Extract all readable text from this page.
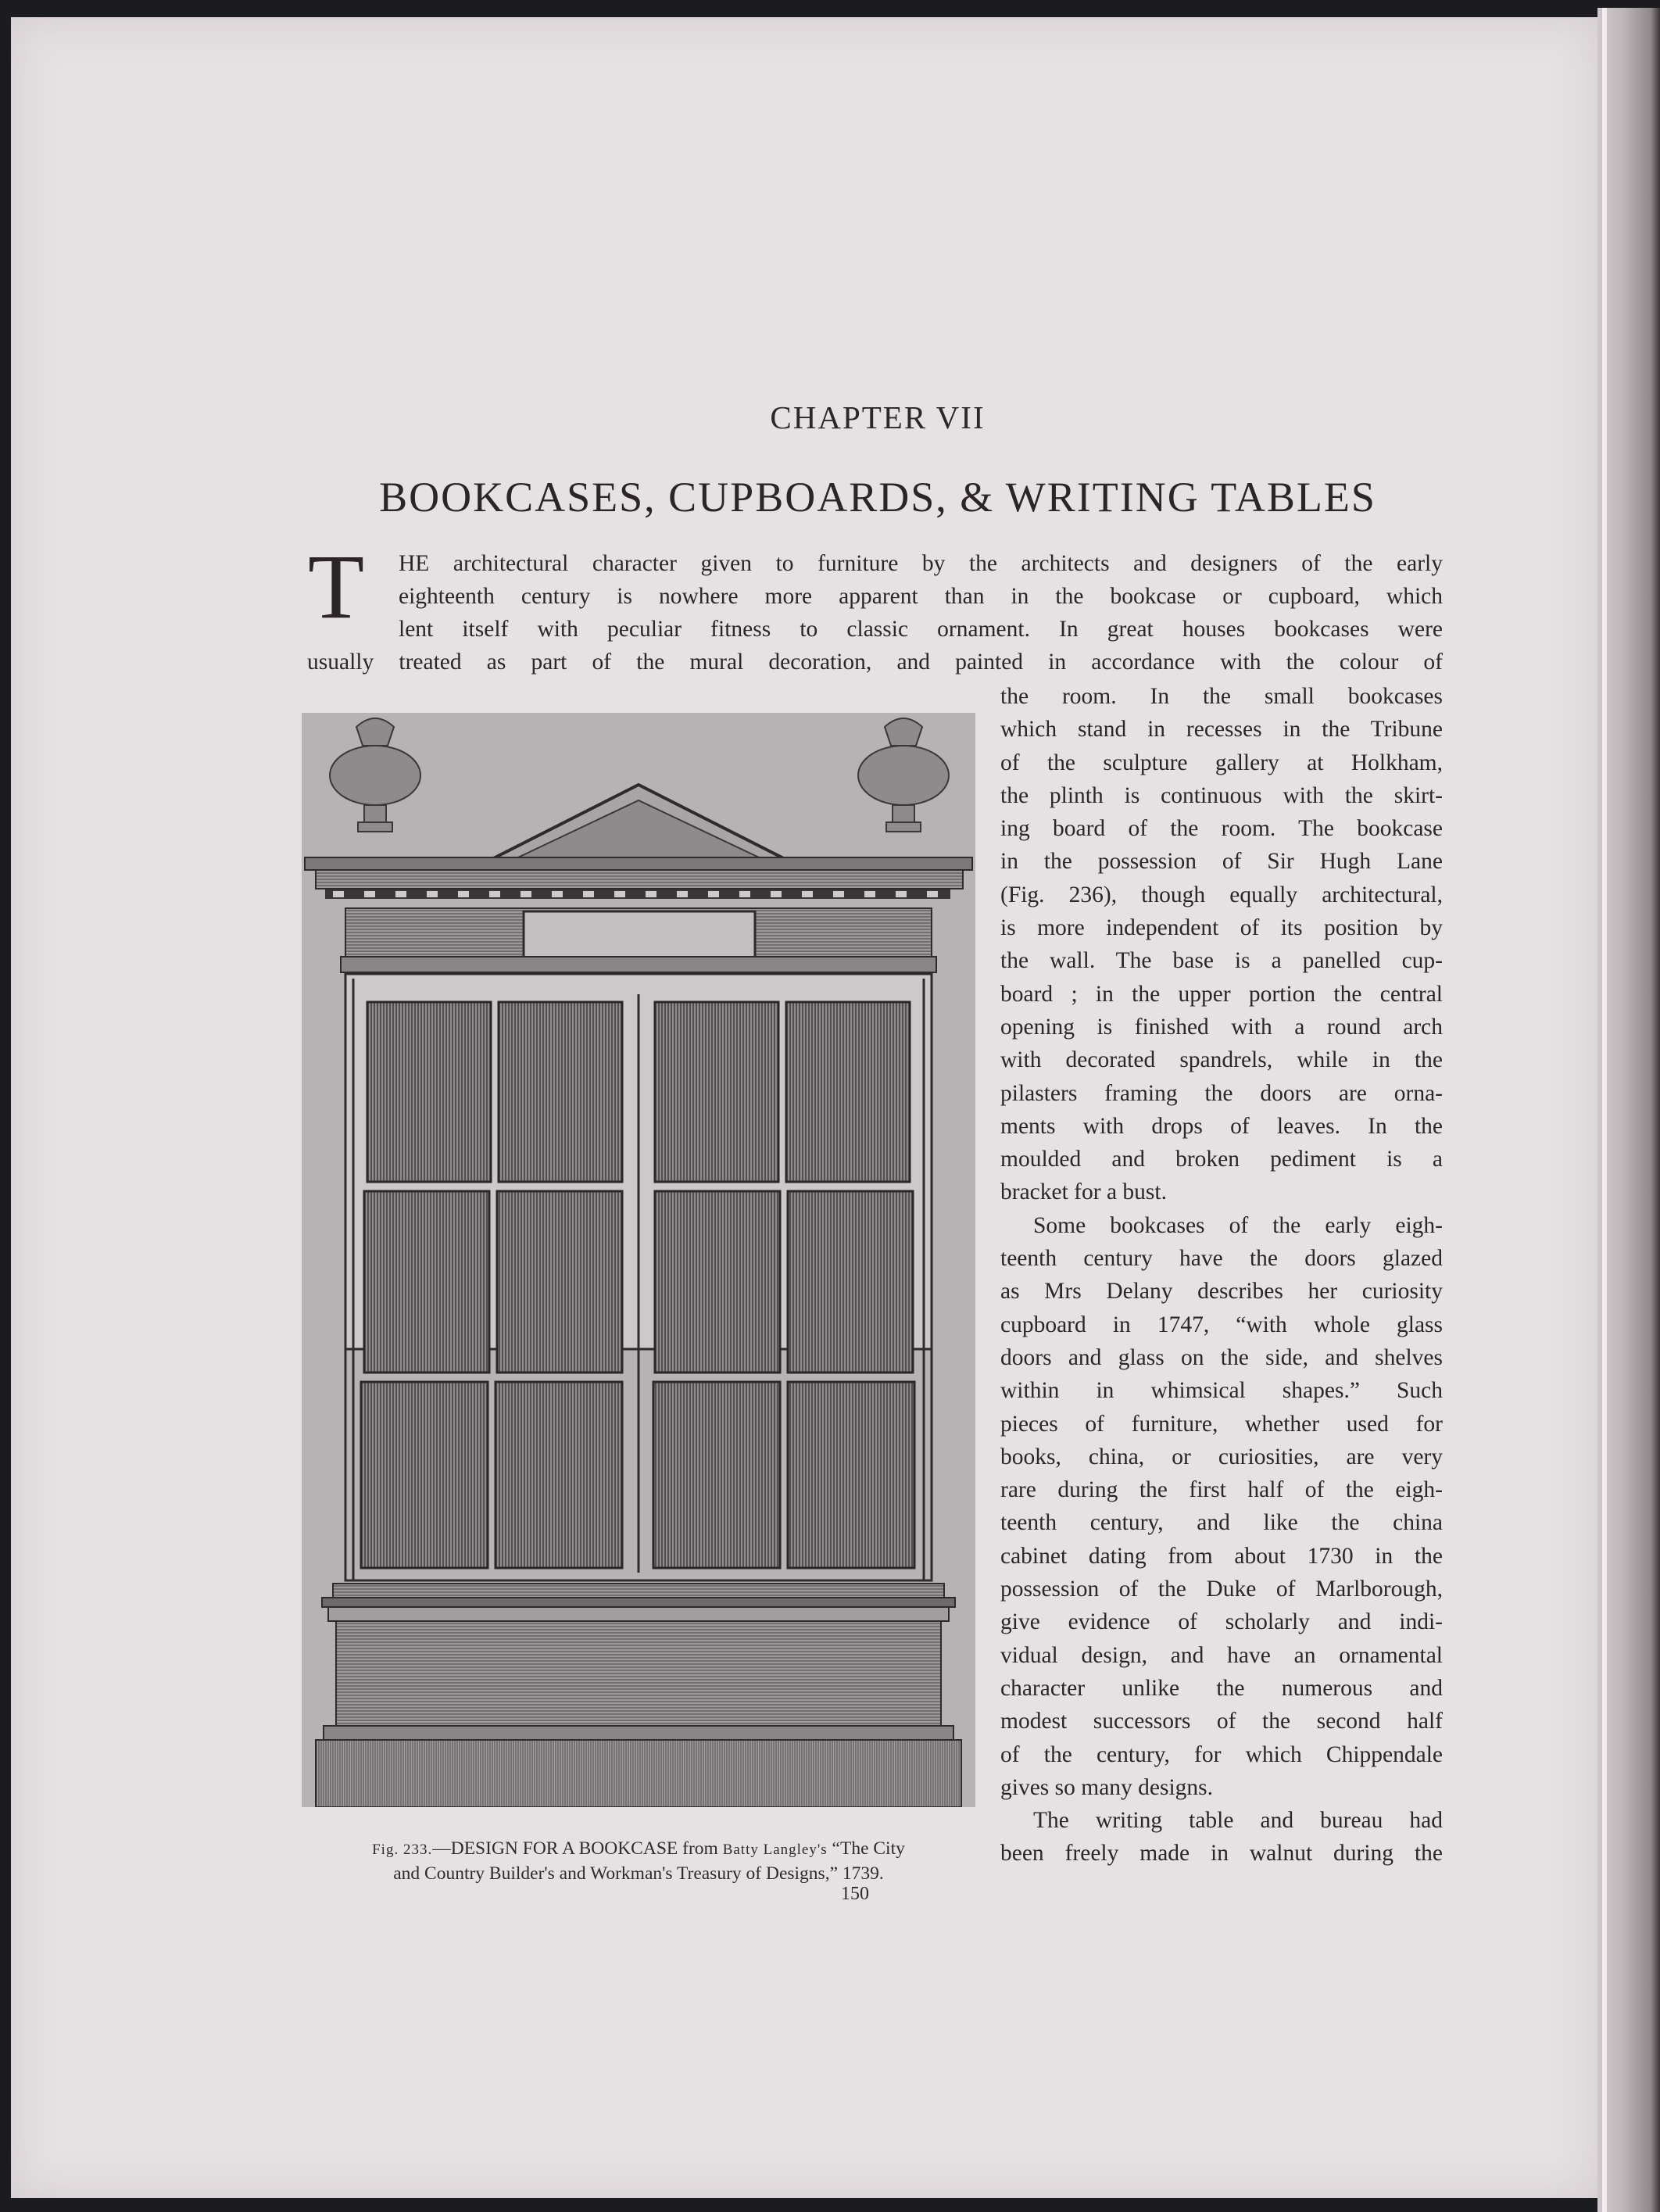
CHAPTER VII
BOOKCASES, CUPBOARDS, & WRITING TABLES
T HE architectural character given to furniture by the architects and designers of the early
eighteenth century is nowhere more apparent than in the bookcase or cupboard, which
lent itself with peculiar fitness to classic ornament. In great houses bookcases were
usually treated as part of the mural decoration, and painted in accordance with the colour of
the room. In the small bookcases
which stand in recesses in the Tribune
of the sculpture gallery at Holkham,
the plinth is continuous with the skirt-
ing board of the room. The bookcase
in the possession of Sir Hugh Lane
(Fig. 236), though equally architectural,
is more independent of its position by
the wall. The base is a panelled cup-
board ; in the upper portion the central
opening is finished with a round arch
with decorated spandrels, while in the
pilasters framing the doors are orna-
ments with drops of leaves. In the
moulded and broken pediment is a
bracket for a bust.
Some bookcases of the early eigh-
teenth century have the doors glazed
as Mrs Delany describes her curiosity
cupboard in 1747, “with whole glass
doors and glass on the side, and shelves
within in whimsical shapes.” Such
pieces of furniture, whether used for
books, china, or curiosities, are very
rare during the first half of the eigh-
teenth century, and like the china
cabinet dating from about 1730 in the
possession of the Duke of Marlborough,
give evidence of scholarly and indi-
vidual design, and have an ornamental
character unlike the numerous and
modest successors of the second half
of the century, for which Chippendale
gives so many designs.
The writing table and bureau had
been freely made in walnut during the
Fig. 233.—DESIGN FOR A BOOKCASE from Batty Langley's “The City
and Country Builder's and Workman's Treasury of Designs,” 1739.
150
